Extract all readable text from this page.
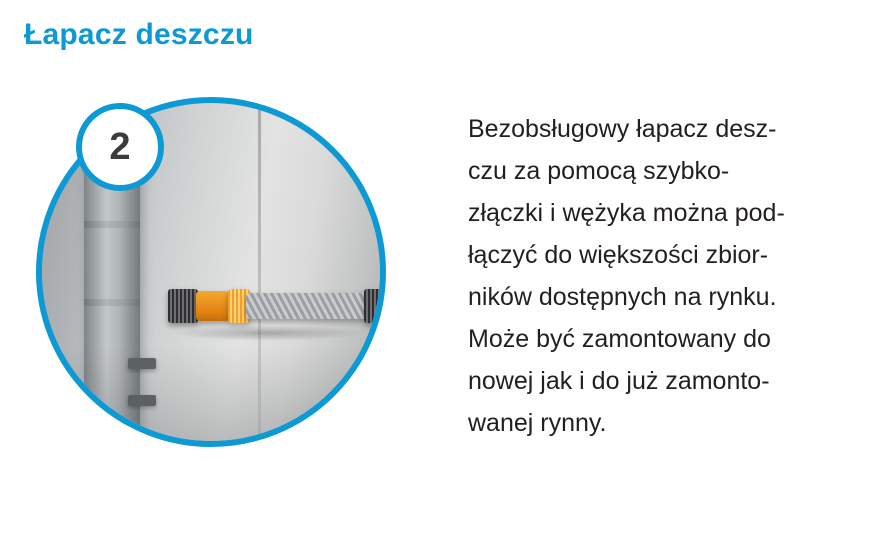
Łapacz deszczu
2	Bezobsługowy łapacz desz-
czu za pomocą szybko-
złączki i wężyka można pod-
łączyć do większości zbior-
ników dostępnych na rynku.
Może być zamontowany do
nowej jak i do już zamonto-
wanej rynny.
